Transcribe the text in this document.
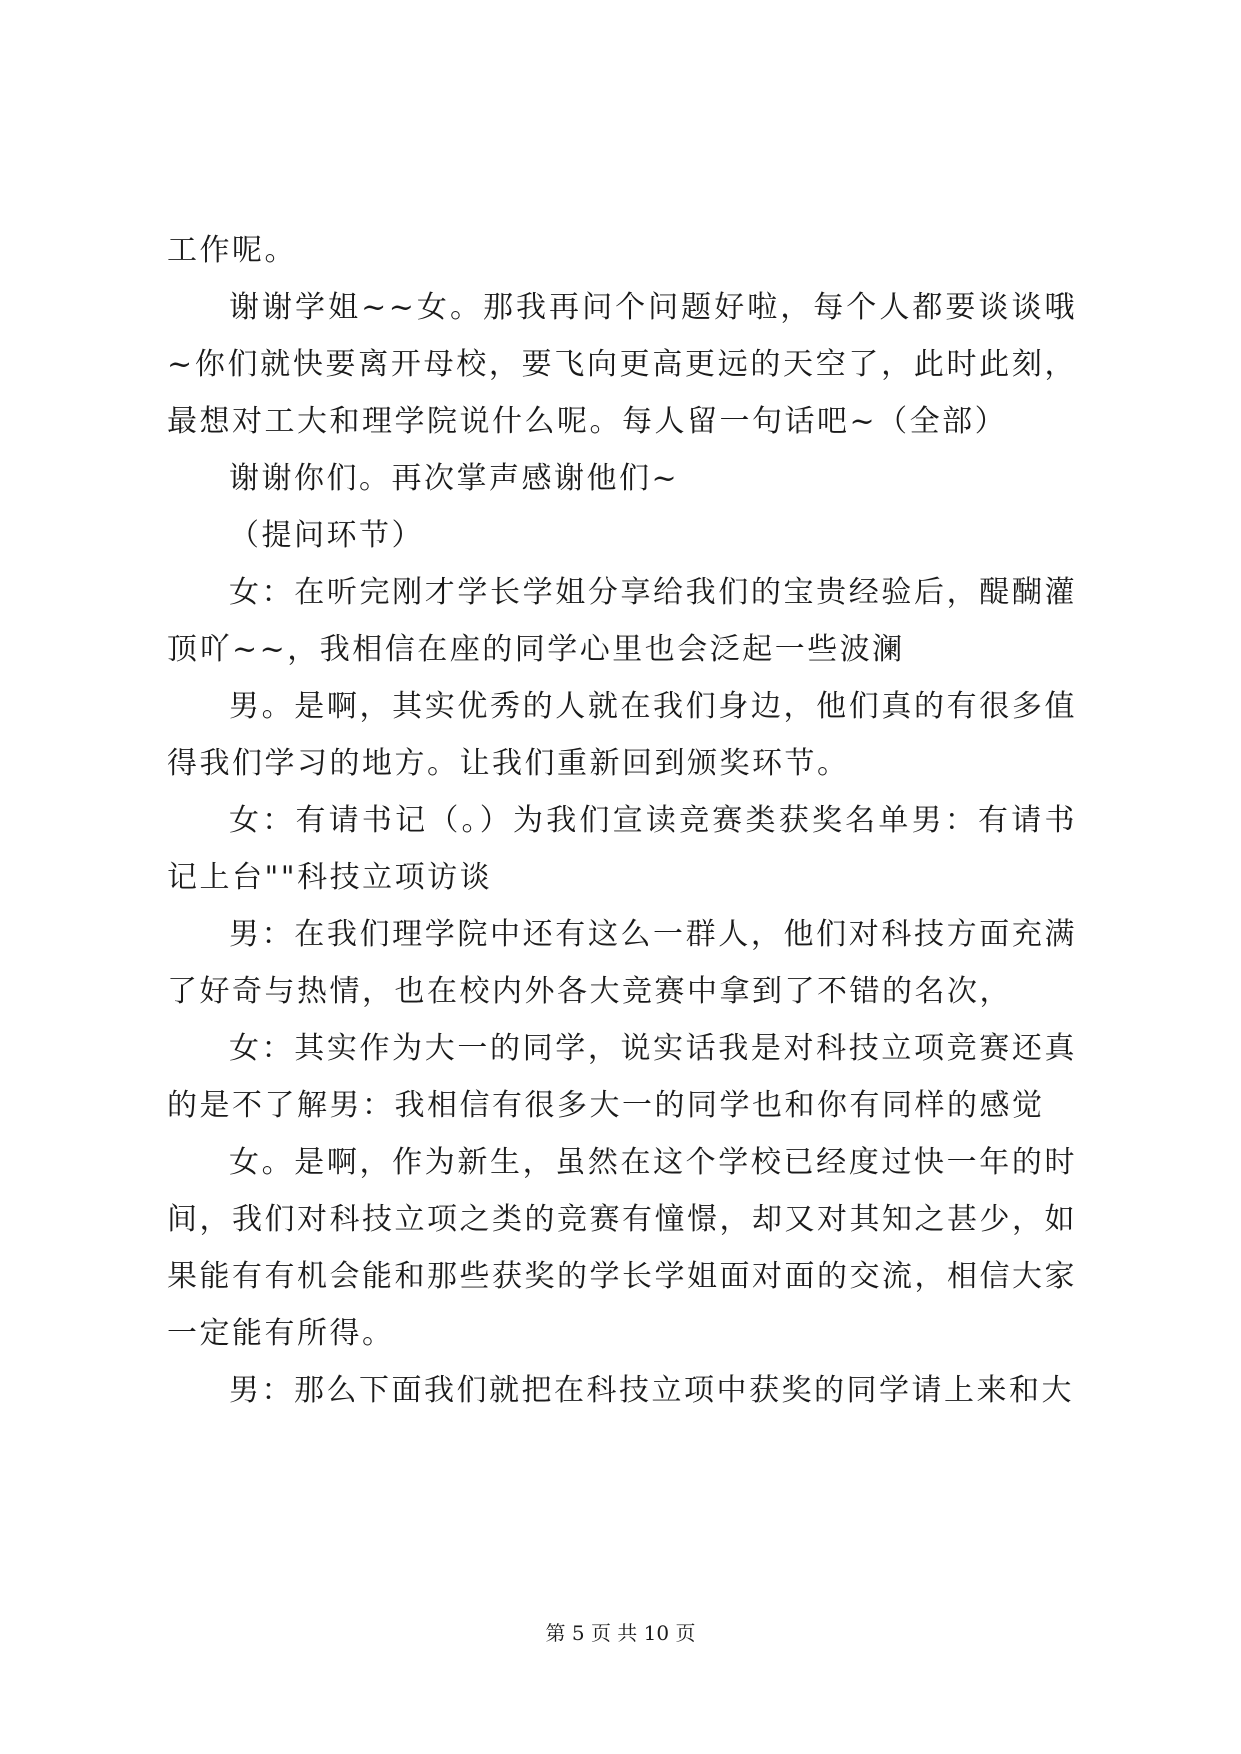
工作呢。

谢谢学姐~~女。那我再问个问题好啦，每个人都要谈谈哦~你们就快要离开母校，要飞向更高更远的天空了，此时此刻，最想对工大和理学院说什么呢。每人留一句话吧~（全部）

谢谢你们。再次掌声感谢他们~

（提问环节）

女：在听完刚才学长学姐分享给我们的宝贵经验后，醍醐灌顶吖~~，我相信在座的同学心里也会泛起一些波澜

男。是啊，其实优秀的人就在我们身边，他们真的有很多值得我们学习的地方。让我们重新回到颁奖环节。

女：有请书记（。）为我们宣读竞赛类获奖名单男：有请书记上台""科技立项访谈

男：在我们理学院中还有这么一群人，他们对科技方面充满了好奇与热情，也在校内外各大竞赛中拿到了不错的名次，

女：其实作为大一的同学，说实话我是对科技立项竞赛还真的是不了解男：我相信有很多大一的同学也和你有同样的感觉

女。是啊，作为新生，虽然在这个学校已经度过快一年的时间，我们对科技立项之类的竞赛有憧憬，却又对其知之甚少，如果能有有机会能和那些获奖的学长学姐面对面的交流，相信大家一定能有所得。

男：那么下面我们就把在科技立项中获奖的同学请上来和大

第 5 页 共 10 页
